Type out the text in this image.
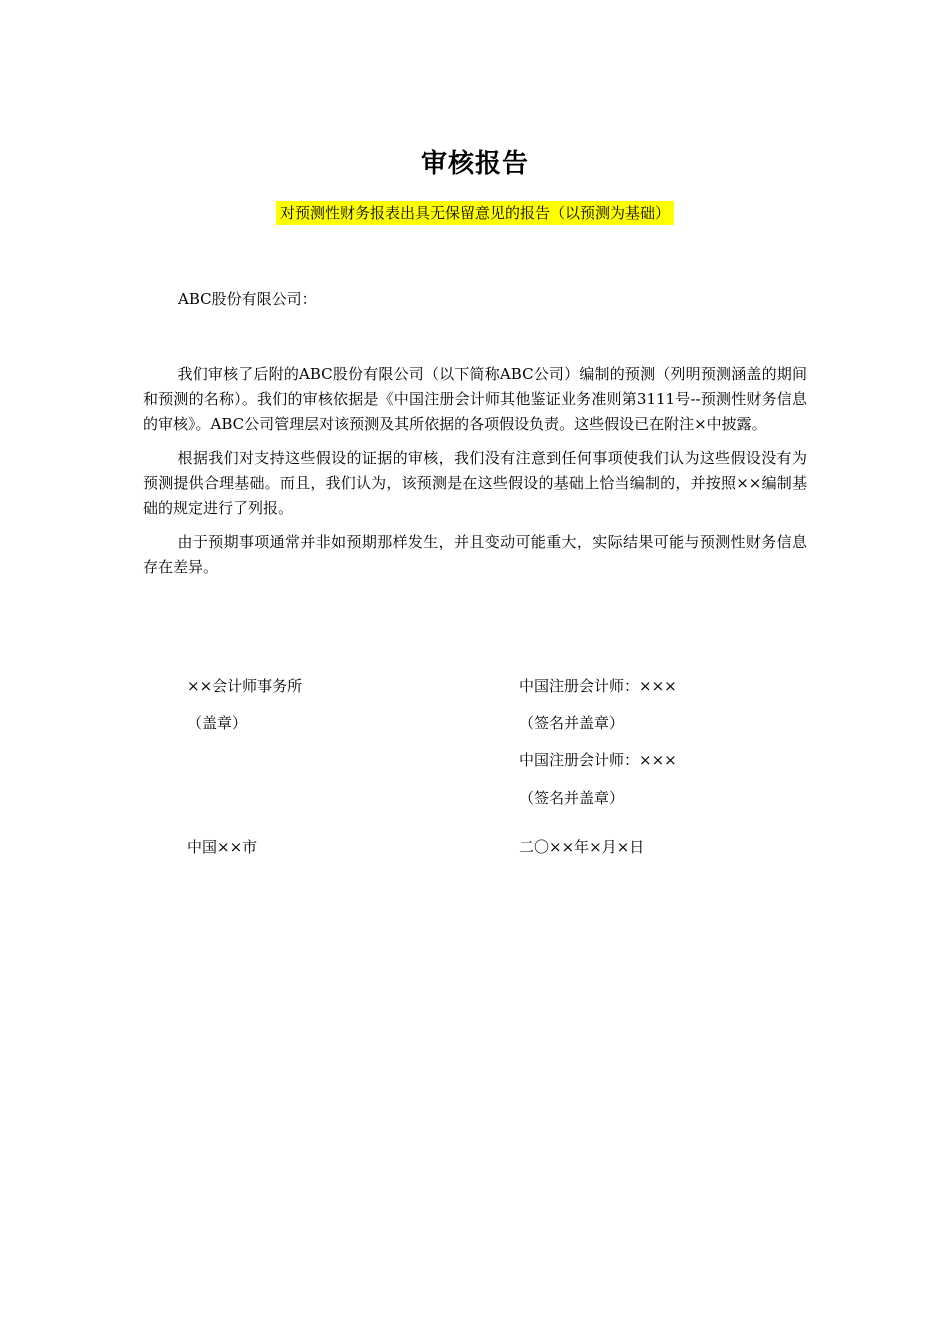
审核报告
对预测性财务报表出具无保留意见的报告（以预测为基础）
ABC股份有限公司：

我们审核了后附的ABC股份有限公司（以下简称ABC公司）编制的预测（列明预测涵盖的期间和预测的名称）。我们的审核依据是《中国注册会计师其他鉴证业务准则第3111号--预测性财务信息的审核》。ABC公司管理层对该预测及其所依据的各项假设负责。这些假设已在附注×中披露。

根据我们对支持这些假设的证据的审核，我们没有注意到任何事项使我们认为这些假设没有为预测提供合理基础。而且，我们认为，该预测是在这些假设的基础上恰当编制的，并按照××编制基础的规定进行了列报。

由于预期事项通常并非如预期那样发生，并且变动可能重大，实际结果可能与预测性财务信息存在差异。

××会计师事务所
（盖章）
中国注册会计师：×××
（签名并盖章）
中国注册会计师：×××
（签名并盖章）
中国××市	二〇××年×月×日
